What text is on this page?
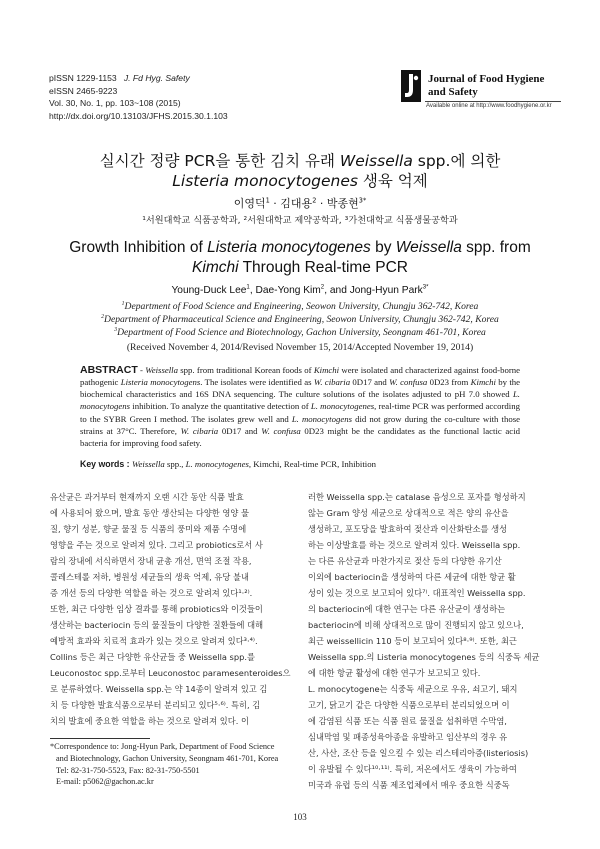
pISSN 1229-1153 J. Fd Hyg. Safety
eISSN 2465-9223
Vol. 30, No. 1, pp. 103~108 (2015)
http://dx.doi.org/10.13103/JFHS.2015.30.1.103
Journal of Food Hygiene
and Safety
Available online at http://www.foodhygiene.or.kr
실시간 정량 PCR을 통한 김치 유래 Weissella spp.에 의한
Listeria monocytogenes 생육 억제
이영덕$^1$ · 김대용$^2$ · 박종현$^{3*}$
¹서원대학교 식품공학과, ²서원대학교 제약공학과, ³가천대학교 식품생물공학과
Growth Inhibition of Listeria monocytogenes by Weissella spp. from
Kimchi Through Real-time PCR
Young-Duck Lee$^1$, Dae-Yong Kim$^2$, and Jong-Hyun Park$^{3*}$
$^1$Department of Food Science and Engineering, Seowon University, Chungju 362-742, Korea
$^2$Department of Pharmaceutical Science and Engineering, Seowon University, Chungju 362-742, Korea
$^3$Department of Food Science and Biotechnology, Gachon University, Seongnam 461-701, Korea
(Received November 4, 2014/Revised November 15, 2014/Accepted November 19, 2014)
ABSTRACT - Weissella spp. from traditional Korean foods of Kimchi were isolated and characterized against food-borne pathogenic Listeria monocytogens. The isolates were identified as W. cibaria 0D17 and W. confusa 0D23 from Kimchi by the biochemical characteristics and 16S DNA sequencing. The culture solutions of the isolates adjusted to pH 7.0 showed L. monocytogens inhibition. To analyze the quantitative detection of L. monocytogenes, real-time PCR was performed according to the SYBR Green I method. The isolates grew well and L. monocytogens did not grow during the co-culture with those strains at 37°C. Therefore, W. cibaria 0D17 and W. confusa 0D23 might be the candidates as the functional lactic acid bacteria for improving food safety.
Key words : Weissella spp., L. monocytogenes, Kimchi, Real-time PCR, Inhibition
유산균은 과거부터 현재까지 오랜 시간 동안 식품 발효
에 사용되어 왔으며, 발효 동안 생산되는 다양한 영양 물
질, 향기 성분, 향균 물질 등 식품의 풍미와 제품 수명에
영향을 주는 것으로 알려져 있다. 그리고 probiotics로서 사
람의 장내에 서식하면서 장내 균총 개선, 면역 조절 작용,
콜레스테롤 저하, 병원성 세균들의 생육 억제, 유당 불내
증 개선 등의 다양한 역할을 하는 것으로 알려져 있다¹·²⁾.
또한, 최근 다양한 임상 결과를 통해 probiotics와 이것들이
생산하는 bacteriocin 등의 물질들이 다양한 질환들에 대해
예방적 효과와 치료적 효과가 있는 것으로 알려져 있다³·⁴⁾.
Collins 등은 최근 다양한 유산균들 중 Weissella spp.를
Leuconostoc spp.로부터 Leuconostoc paramesenteroides으
로 분류하였다. Weissella spp.는 약 14종이 알려져 있고 김
치 등 다양한 발효식품으로부터 분리되고 있다⁵·⁶⁾. 특히, 김
치의 발효에 중요한 역할을 하는 것으로 알려져 있다. 이
러한 Weissella spp.는 catalase 음성으로 포자를 형성하지
않는 Gram 양성 세균으로 상대적으로 적은 양의 유산을
생성하고, 포도당을 발효하여 젖산과 이산화탄소를 생성
하는 이상발효를 하는 것으로 알려져 있다. Weissella spp.
는 다른 유산균과 마찬가지로 젖산 등의 다양한 유기산
이외에 bacteriocin을 생성하여 다른 세균에 대한 항균 활
성이 있는 것으로 보고되어 있다⁷⁾. 대표적인 Weissella spp.
의 bacteriocin에 대한 연구는 다른 유산균이 생성하는
bacteriocin에 비해 상대적으로 많이 진행되지 않고 있으나,
최근 weissellicin 110 등이 보고되어 있다⁸·⁹⁾. 또한, 최근
Weissella spp.의 Listeria monocytogenes 등의 식중독 세균
에 대한 항균 활성에 대한 연구가 보고되고 있다.
L. monocytogene는 식중독 세균으로 우유, 쇠고기, 돼지
고기, 닭고기 같은 다양한 식품으로부터 분리되었으며 이
에 감염된 식품 또는 식품 원료 물질을 섭취하면 수막염,
심내막염 및 패종성육아종을 유발하고 임산부의 경우 유
산, 사산, 조산 등을 일으킬 수 있는 리스테리아증(listeriosis)
이 유발될 수 있다¹⁰·¹¹⁾. 특히, 저온에서도 생육이 가능하여
미국과 유럽 등의 식품 제조업체에서 매우 중요한 식중독
*Correspondence to: Jong-Hyun Park, Department of Food Science
and Biotechnology, Gachon University, Seongnam 461-701, Korea
Tel: 82-31-750-5523, Fax: 82-31-750-5501
E-mail: p5062@gachon.ac.kr
103
